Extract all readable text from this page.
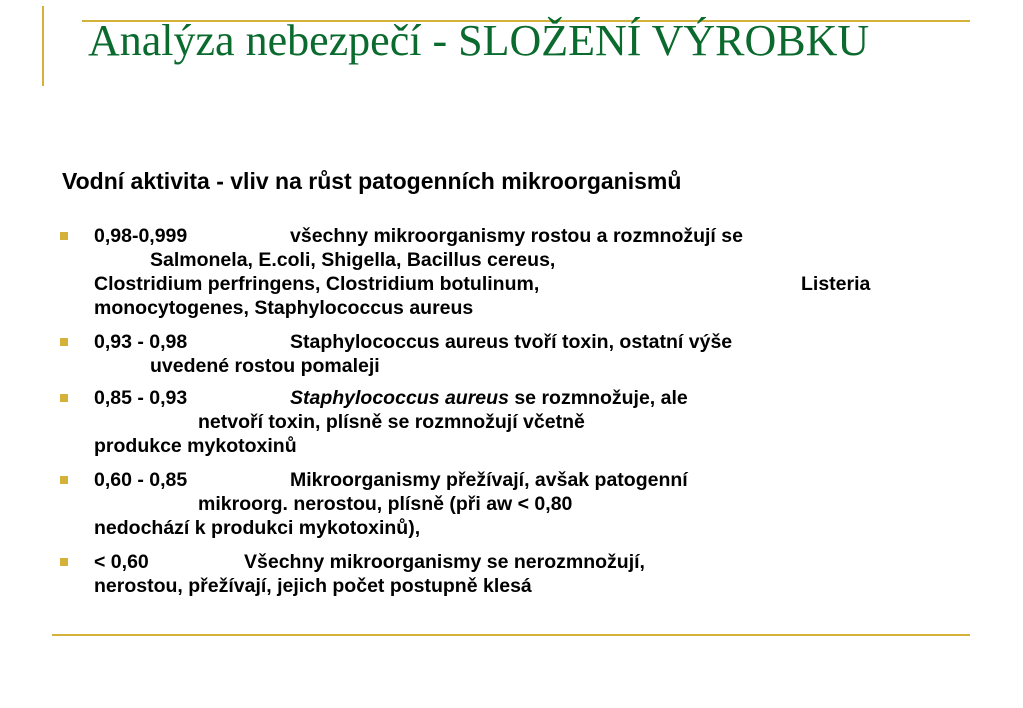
Analýza nebezpečí - SLOŽENÍ VÝROBKU
Vodní aktivita - vliv na růst patogenních mikroorganismů
0,98-0,999	všechny mikroorganismy rostou a rozmnožují se
Salmonela, E.coli, Shigella, Bacillus cereus,
Clostridium perfringens, Clostridium botulinum,	Listeria
monocytogenes, Staphylococcus aureus
0,93 - 0,98	Staphylococcus aureus tvoří toxin, ostatní výše
uvedené rostou pomaleji
0,85 - 0,93	Staphylococcus aureus se rozmnožuje, ale
netvoří toxin, plísně se rozmnožují včetně
produkce mykotoxinů
0,60 - 0,85	Mikroorganismy přežívají, avšak patogenní
mikroorg. nerostou, plísně (při aw < 0,80
nedochází k produkci mykotoxinů),
< 0,60	Všechny mikroorganismy se nerozmnožují,
nerostou, přežívají, jejich počet postupně klesá
